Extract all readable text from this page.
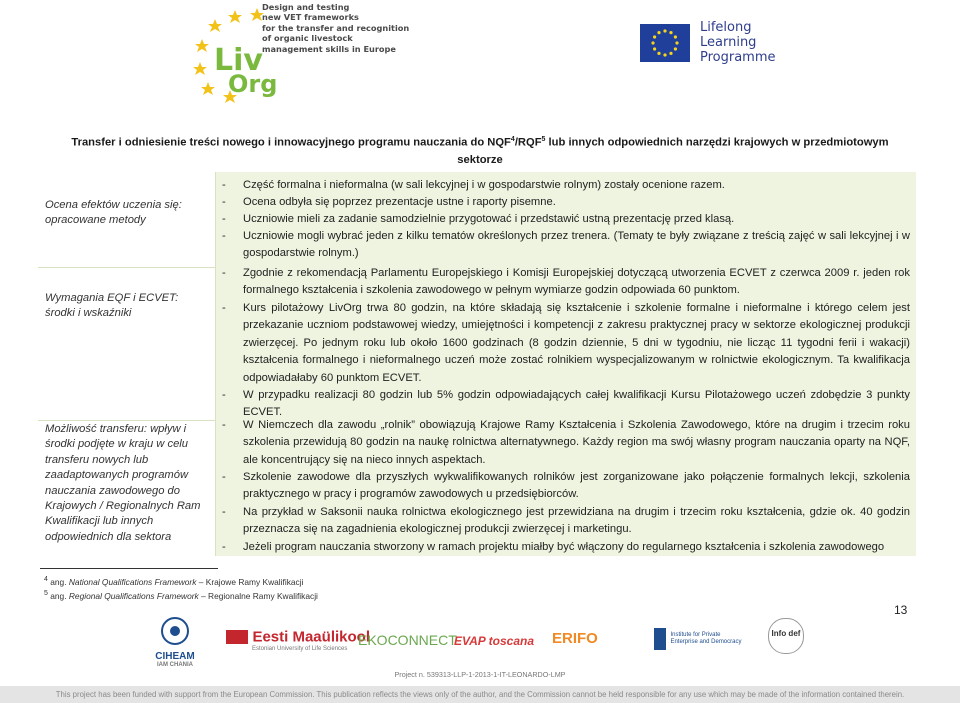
Liv
Org
Design and testing
new VET frameworks
for the transfer and recognition
of organic livestock
management skills in Europe
Lifelong
Learning
Programme
Transfer i odniesienie treści nowego i innowacyjnego programu nauczania do NQF$^4$/RQF$^5$ lub innych odpowiednich narzędzi krajowych w przedmiotowym
sektorze
Ocena efektów uczenia się: opracowane metody
- Część formalna i nieformalna (w sali lekcyjnej i w gospodarstwie rolnym) zostały ocenione razem.
- Ocena odbyła się poprzez prezentacje ustne i raporty pisemne.
- Uczniowie mieli za zadanie samodzielnie przygotować i przedstawić ustną prezentację przed klasą.
- Uczniowie mogli wybrać jeden z kilku tematów określonych przez trenera. (Tematy te były związane z treścią zajęć w sali lekcyjnej i w gospodarstwie rolnym.)
Wymagania EQF i ECVET: środki i wskaźniki
- Zgodnie z rekomendacją Parlamentu Europejskiego i Komisji Europejskiej dotyczącą utworzenia ECVET z czerwca 2009 r. jeden rok formalnego kształcenia i szkolenia zawodowego w pełnym wymiarze godzin odpowiada 60 punktom.
- Kurs pilotażowy LivOrg trwa 80 godzin, na które składają się kształcenie i szkolenie formalne i nieformalne i którego celem jest przekazanie uczniom podstawowej wiedzy, umiejętności i kompetencji z zakresu praktycznej pracy w sektorze ekologicznej produkcji zwierzęcej. Po jednym roku lub około 1600 godzinach (8 godzin dziennie, 5 dni w tygodniu, nie licząc 11 tygodni ferii i wakacji) kształcenia formalnego i nieformalnego uczeń może zostać rolnikiem wyspecjalizowanym w rolnictwie ekologicznym. Ta kwalifikacja odpowiadałaby 60 punktom ECVET.
- W przypadku realizacji 80 godzin lub 5% godzin odpowiadających całej kwalifikacji Kursu Pilotażowego uczeń zdobędzie 3 punkty ECVET.
Możliwość transferu: wpływ i środki podjęte w kraju w celu transferu nowych lub zaadaptowanych programów nauczania zawodowego do Krajowych / Regionalnych Ram Kwalifikacji lub innych odpowiednich dla sektora
- W Niemczech dla zawodu „rolnik” obowiązują Krajowe Ramy Kształcenia i Szkolenia Zawodowego, które na drugim i trzecim roku szkolenia przewidują 80 godzin na naukę rolnictwa alternatywnego. Każdy region ma swój własny program nauczania oparty na NQF, ale koncentrujący się na nieco innych aspektach.
- Szkolenie zawodowe dla przyszłych wykwalifikowanych rolników jest zorganizowane jako połączenie formalnych lekcji, szkolenia praktycznego w pracy i programów zawodowych u przedsiębiorców.
- Na przykład w Saksonii nauka rolnictwa ekologicznego jest przewidziana na drugim i trzecim roku kształcenia, gdzie ok. 40 godzin przeznacza się na zagadnienia ekologicznej produkcji zwierzęcej i marketingu.
- Jeżeli program nauczania stworzony w ramach projektu miałby być włączony do regularnego kształcenia i szkolenia zawodowego
$^4$ ang. National Qualifications Framework – Krajowe Ramy Kwalifikacji
$^5$ ang. Regional Qualifications Framework – Regionalne Ramy Kwalifikacji
13
CIHEAM
IAM CHANIA
Eesti Maaülikool
Estonian University of Life Sciences
EKOCONNECT
EVAP toscana ERIFO	Institute for Private Enterprise and Democracy
Info def
Project n. 539313-LLP-1-2013-1-IT-LEONARDO-LMP
This project has been funded with support from the European Commission. This publication reflects the views only of the author, and the Commission cannot be held responsible for any use which may be made of the information contained therein.
